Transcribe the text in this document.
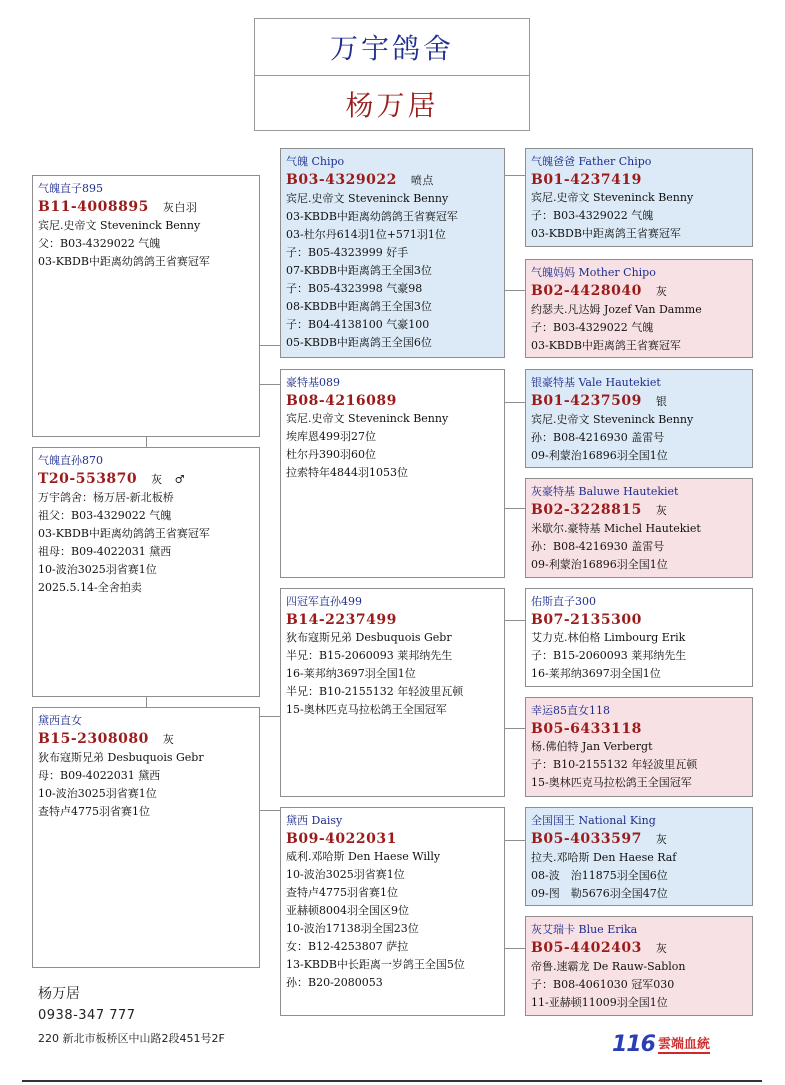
万宇鸽舍
杨万居
气魄直子895
B11-4008895 灰白羽
宾尼.史帝文 Steveninck Benny
父：B03-4329022 气魄
03-KBDB中距离幼鸽鸽王省赛冠军
气魄直孙870
T20-553870 灰 ♂
万宇鸽舍：杨万居-新北板桥
祖父：B03-4329022 气魄
03-KBDB中距离幼鸽鸽王省赛冠军
祖母：B09-4022031 黛西
10-波治3025羽省赛1位
2025.5.14-全舍拍卖
黛西直女
B15-2308080 灰
狄布寇斯兄弟 Desbuquois Gebr
母：B09-4022031 黛西
10-波治3025羽省赛1位
查特卢4775羽省赛1位
气魄 Chipo
B03-4329022 喷点
宾尼.史帝文 Steveninck Benny
03-KBDB中距离幼鸽鸽王省赛冠军
03-杜尔丹614羽1位+571羽1位
子：B05-4323999 好手
07-KBDB中距离鸽王全国3位
子：B05-4323998 气豪98
08-KBDB中距离鸽王全国3位
子：B04-4138100 气豪100
05-KBDB中距离鸽王全国6位
豪特基089
B08-4216089
宾尼.史帝文 Steveninck Benny
埃库恩499羽27位
杜尔丹390羽60位
拉索特年4844羽1053位
四冠军直孙499
B14-2237499
狄布寇斯兄弟 Desbuquois Gebr
半兄：B15-2060093 莱邦纳先生
16-莱邦纳3697羽全国1位
半兄：B10-2155132 年轻波里瓦顿
15-奥林匹克马拉松鸽王全国冠军
黛西 Daisy
B09-4022031
威利.邓哈斯 Den Haese Willy
10-波治3025羽省赛1位
查特卢4775羽省赛1位
亚赫顿8004羽全国区9位
10-波治17138羽全国23位
女：B12-4253807 萨拉
13-KBDB中长距离一岁鸽王全国5位
孙：B20-2080053
气魄爸爸 Father Chipo
B01-4237419
宾尼.史帝文 Steveninck Benny
子：B03-4329022 气魄
03-KBDB中距离鸽王省赛冠军
气魄妈妈 Mother Chipo
B02-4428040 灰
约瑟夫.凡达姆 Jozef Van Damme
子：B03-4329022 气魄
03-KBDB中距离鸽王省赛冠军
银豪特基 Vale Hautekiet
B01-4237509 银
宾尼.史帝文 Steveninck Benny
孙：B08-4216930 盖雷号
09-利蒙治16896羽全国1位
灰豪特基 Baluwe Hautekiet
B02-3228815 灰
米歇尔.豪特基 Michel Hautekiet
孙：B08-4216930 盖雷号
09-利蒙治16896羽全国1位
佑斯直子300
B07-2135300
艾力克.林伯格 Limbourg Erik
子：B15-2060093 莱邦纳先生
16-莱邦纳3697羽全国1位
幸运85直女118
B05-6433118
杨.佛伯特 Jan Verbergt
子：B10-2155132 年轻波里瓦顿
15-奥林匹克马拉松鸽王全国冠军
全国国王 National King
B05-4033597 灰
拉夫.邓哈斯 Den Haese Raf
08-波　治11875羽全国6位
09-图　勒5676羽全国47位
灰艾瑞卡 Blue Erika
B05-4402403 灰
帝鲁.速霸龙 De Rauw-Sablon
子：B08-4061030 冠军030
11-亚赫顿11009羽全国1位
杨万居
0938-347 777
220 新北市板桥区中山路2段451号2F	116 雲端血統
